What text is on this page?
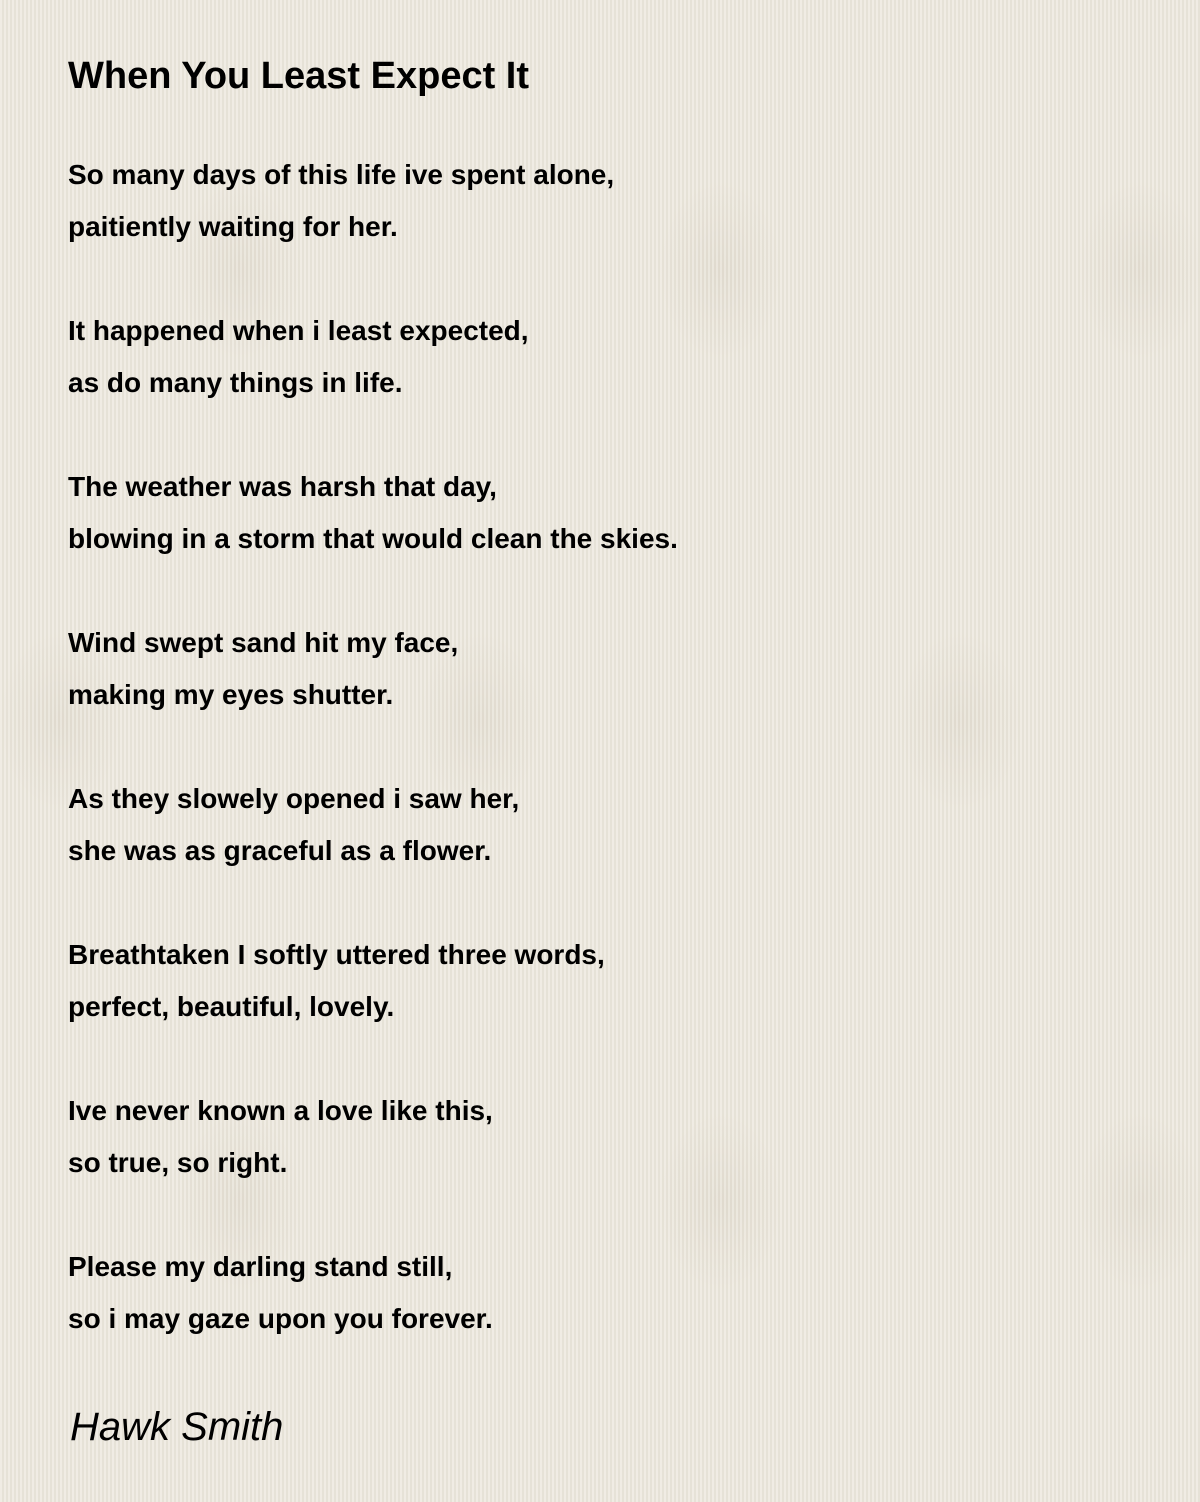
When You Least Expect It
So many days of this life ive spent alone,
paitiently waiting for her.
It happened when i least expected,
as do many things in life.
The weather was harsh that day,
blowing in a storm that would clean the skies.
Wind swept sand hit my face,
making my eyes shutter.
As they slowely opened i saw her,
she was as graceful as a flower.
Breathtaken I softly uttered three words,
perfect, beautiful, lovely.
Ive never known a love like this,
so true, so right.
Please my darling stand still,
so i may gaze upon you forever.

Hawk Smith
